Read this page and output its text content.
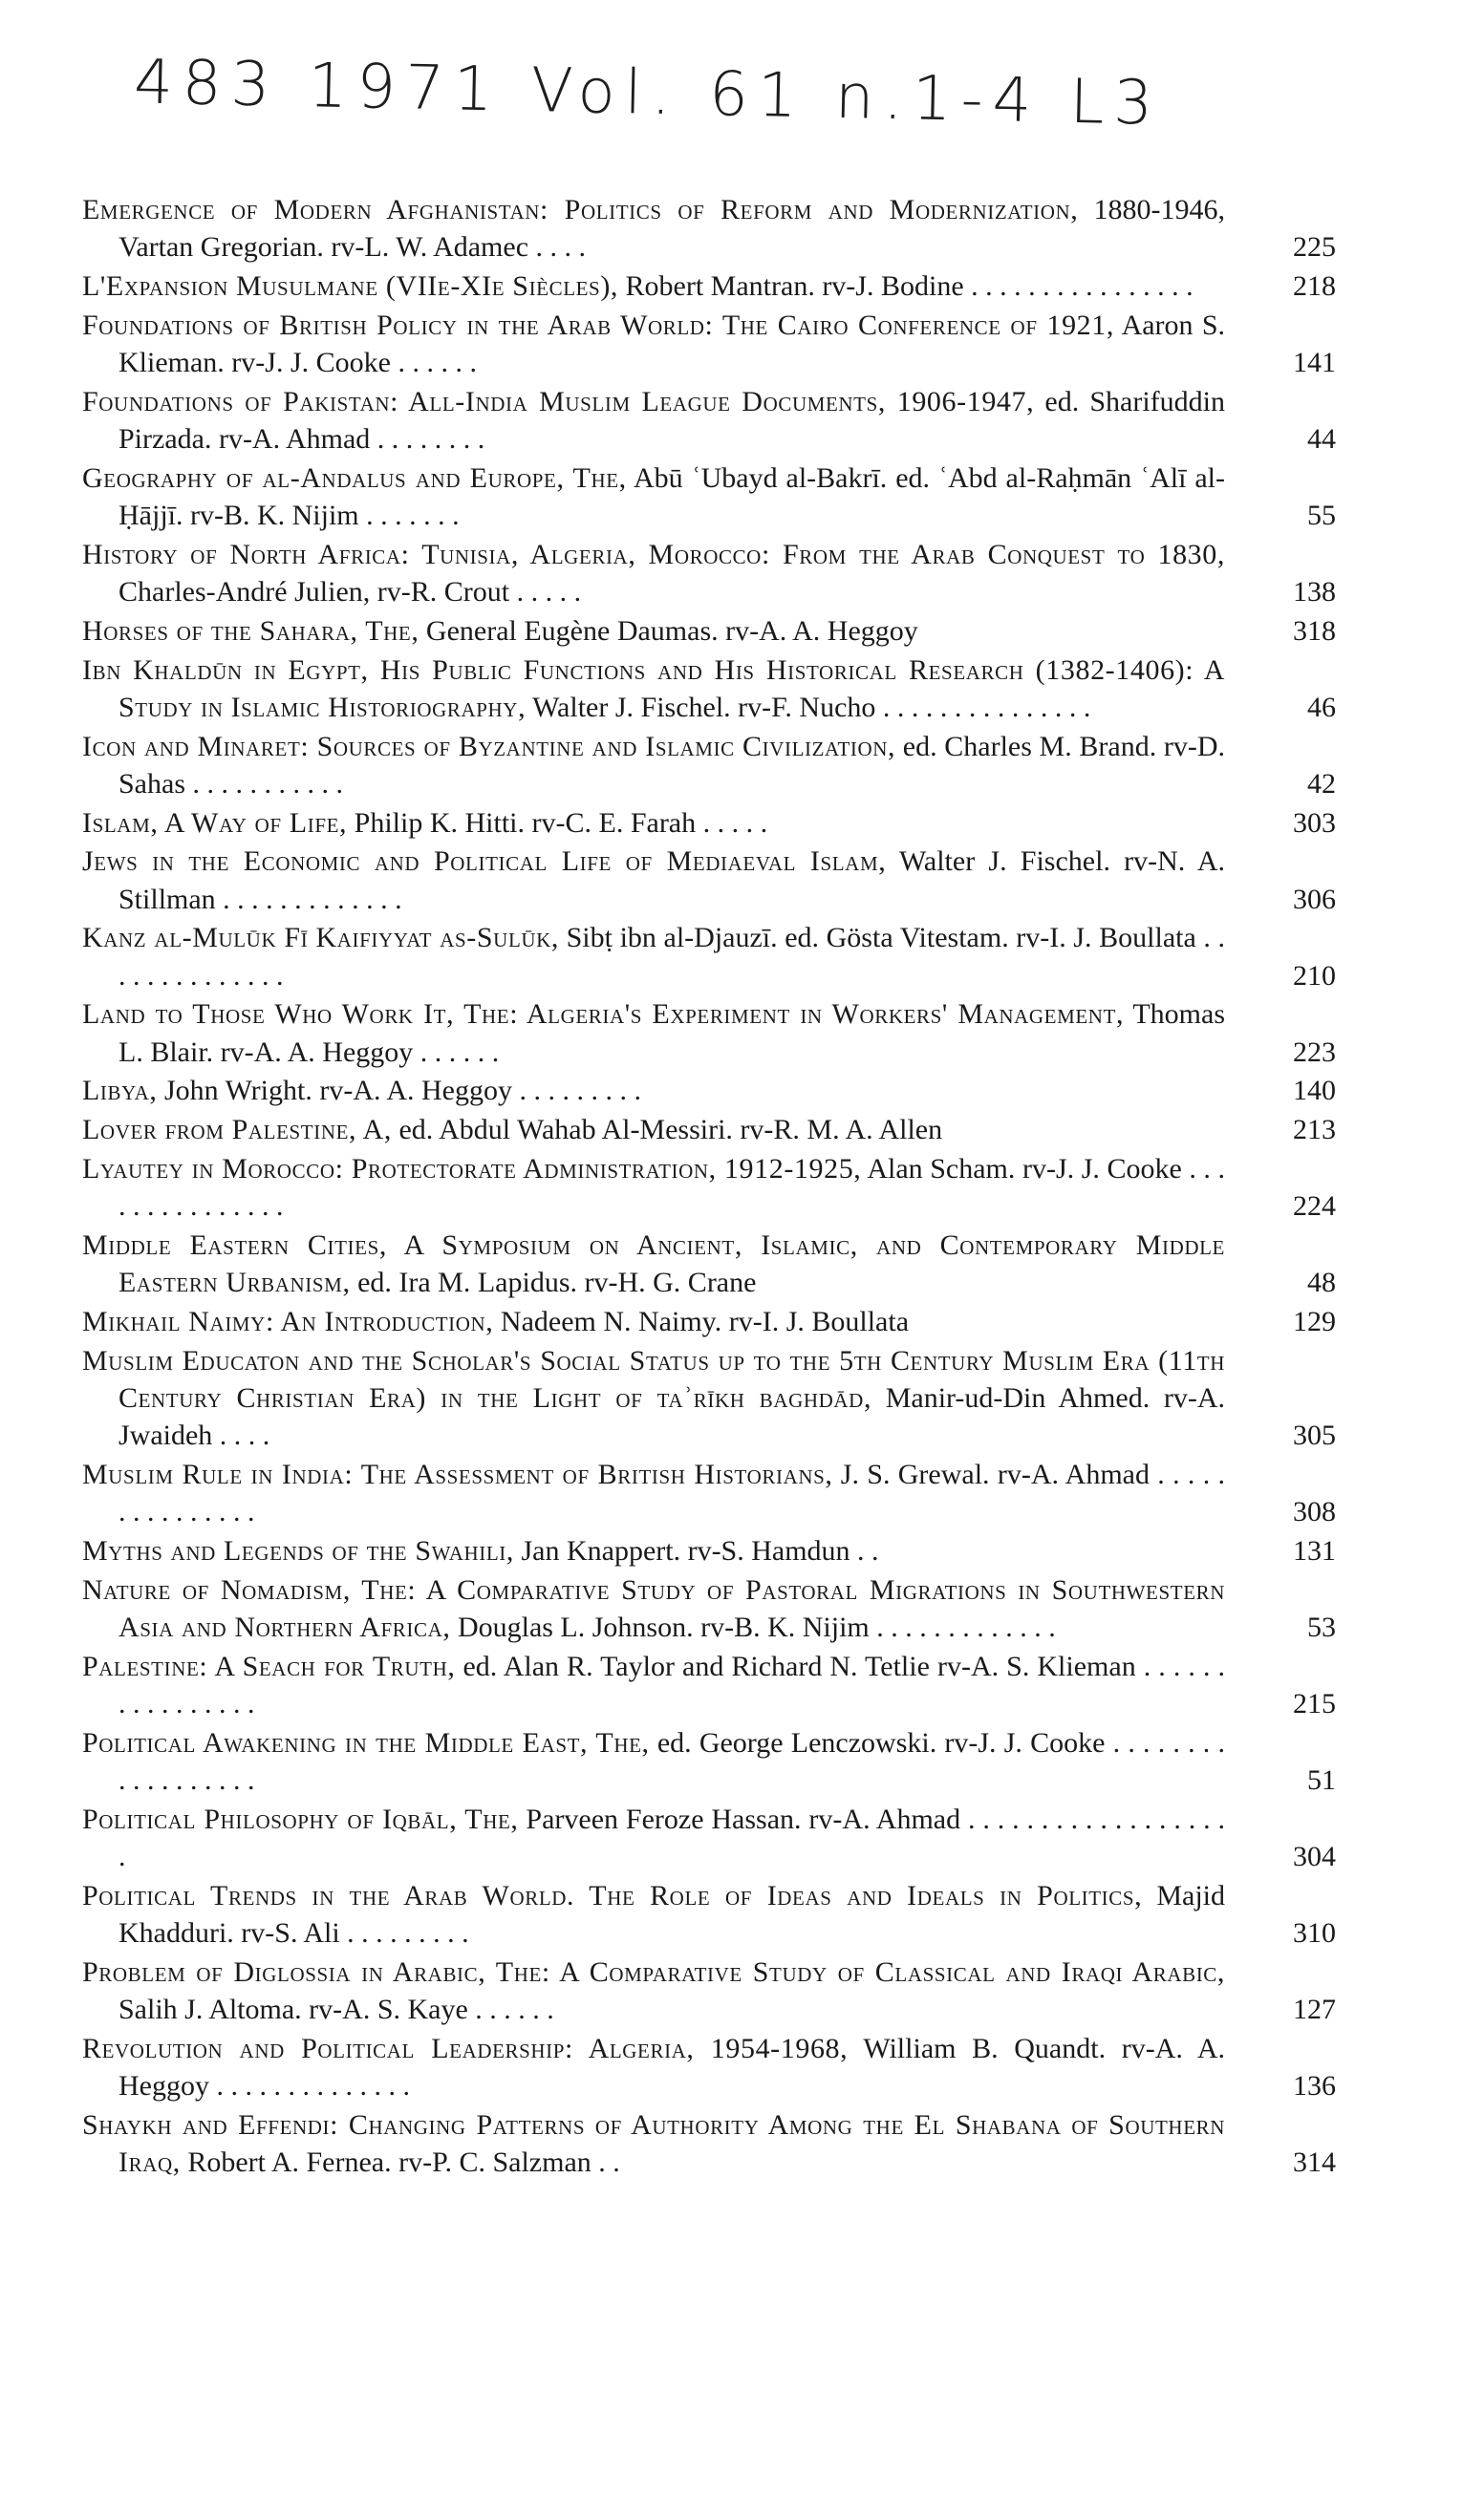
483 1971 Vol. 61 n.1-4 L3
Emergence of Modern Afghanistan: Politics of Reform and Modernization, 1880-1946, Vartan Gregorian. rv-L. W. Adamec . . . .	225
L'Expansion Musulmane (VIIe-XIe Siècles), Robert Mantran. rv-J. Bodine . . . . . . . . . . . . . . . .	218
Foundations of British Policy in the Arab World: The Cairo Conference of 1921, Aaron S. Klieman. rv-J. J. Cooke . . . . . .	141
Foundations of Pakistan: All-India Muslim League Documents, 1906-1947, ed. Sharifuddin Pirzada. rv-A. Ahmad . . . . . . . .	44
Geography of al-Andalus and Europe, The, Abū ʿUbayd al-Bakrī. ed. ʿAbd al-Raḥmān ʿAlī al-Ḥājjī. rv-B. K. Nijim . . . . . . .	55
History of North Africa: Tunisia, Algeria, Morocco: From the Arab Conquest to 1830, Charles-André Julien, rv-R. Crout . . . . .	138
Horses of the Sahara, The, General Eugène Daumas. rv-A. A. Heggoy	318
Ibn Khaldūn in Egypt, His Public Functions and His Historical Research (1382-1406): A Study in Islamic Historiography, Walter J. Fischel. rv-F. Nucho . . . . . . . . . . . . . . .	46
Icon and Minaret: Sources of Byzantine and Islamic Civilization, ed. Charles M. Brand. rv-D. Sahas . . . . . . . . . . .	42
Islam, A Way of Life, Philip K. Hitti. rv-C. E. Farah . . . . .	303
Jews in the Economic and Political Life of Mediaeval Islam, Walter J. Fischel. rv-N. A. Stillman . . . . . . . . . . . . .	306
Kanz al-Mulūk Fī Kaifiyyat as-Sulūk, Sibṭ ibn al-Djauzī. ed. Gösta Vitestam. rv-I. J. Boullata . . . . . . . . . . . . . .	210
Land to Those Who Work It, The: Algeria's Experiment in Workers' Management, Thomas L. Blair. rv-A. A. Heggoy . . . . . .	223
Libya, John Wright. rv-A. A. Heggoy . . . . . . . . .	140
Lover from Palestine, A, ed. Abdul Wahab Al-Messiri. rv-R. M. A. Allen	213
Lyautey in Morocco: Protectorate Administration, 1912-1925, Alan Scham. rv-J. J. Cooke . . . . . . . . . . . . . . .	224
Middle Eastern Cities, A Symposium on Ancient, Islamic, and Contemporary Middle Eastern Urbanism, ed. Ira M. Lapidus. rv-H. G. Crane	48
Mikhail Naimy: An Introduction, Nadeem N. Naimy. rv-I. J. Boullata	129
Muslim Educaton and the Scholar's Social Status up to the 5th Century Muslim Era (11th Century Christian Era) in the Light of taʾrīkh baghdād, Manir-ud-Din Ahmed. rv-A. Jwaideh . . . .	305
Muslim Rule in India: The Assessment of British Historians, J. S. Grewal. rv-A. Ahmad . . . . . . . . . . . . . . .	308
Myths and Legends of the Swahili, Jan Knappert. rv-S. Hamdun . .	131
Nature of Nomadism, The: A Comparative Study of Pastoral Migrations in Southwestern Asia and Northern Africa, Douglas L. Johnson. rv-B. K. Nijim . . . . . . . . . . . . .	53
Palestine: A Seach for Truth, ed. Alan R. Taylor and Richard N. Tetlie rv-A. S. Klieman . . . . . . . . . . . . . . . .	215
Political Awakening in the Middle East, The, ed. George Lenczowski. rv-J. J. Cooke . . . . . . . . . . . . . . . . . .	51
Political Philosophy of Iqbāl, The, Parveen Feroze Hassan. rv-A. Ahmad . . . . . . . . . . . . . . . . . . .	304
Political Trends in the Arab World. The Role of Ideas and Ideals in Politics, Majid Khadduri. rv-S. Ali . . . . . . . . .	310
Problem of Diglossia in Arabic, The: A Comparative Study of Classical and Iraqi Arabic, Salih J. Altoma. rv-A. S. Kaye . . . . . .	127
Revolution and Political Leadership: Algeria, 1954-1968, William B. Quandt. rv-A. A. Heggoy . . . . . . . . . . . . . .	136
Shaykh and Effendi: Changing Patterns of Authority Among the El Shabana of Southern Iraq, Robert A. Fernea. rv-P. C. Salzman . .	314
